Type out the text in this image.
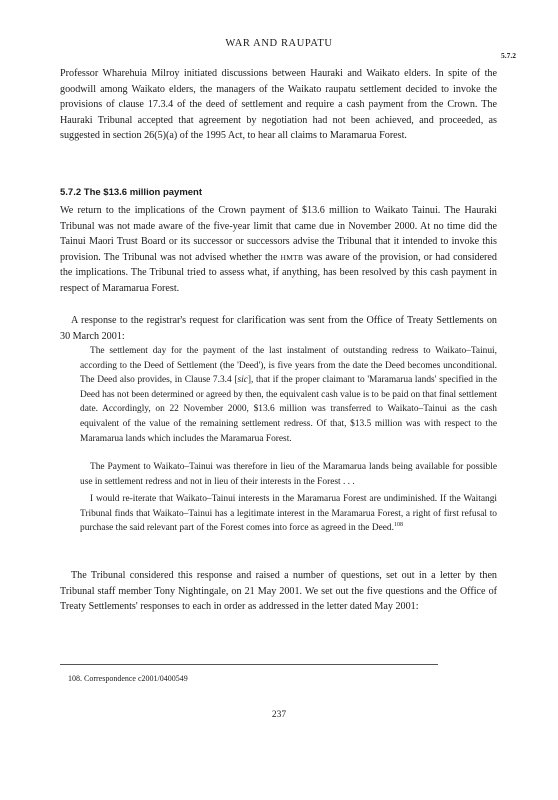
WAR AND RAUPATU
5.7.2

Professor Wharehuia Milroy initiated discussions between Hauraki and Waikato elders. In spite of the goodwill among Waikato elders, the managers of the Waikato raupatu settlement decided to invoke the provisions of clause 17.3.4 of the deed of settlement and require a cash payment from the Crown. The Hauraki Tribunal accepted that agreement by negotiation had not been achieved, and proceeded, as suggested in section 26(5)(a) of the 1995 Act, to hear all claims to Maramarua Forest.

5.7.2 The $13.6 million payment

We return to the implications of the Crown payment of $13.6 million to Waikato Tainui. The Hauraki Tribunal was not made aware of the five-year limit that came due in November 2000. At no time did the Tainui Maori Trust Board or its successor or successors advise the Tribunal that it intended to invoke this provision. The Tribunal was not advised whether the HMTB was aware of the provision, or had considered the implications. The Tribunal tried to assess what, if anything, has been resolved by this cash payment in respect of Maramarua Forest.

A response to the registrar's request for clarification was sent from the Office of Treaty Settlements on 30 March 2001:

The settlement day for the payment of the last instalment of outstanding redress to Waikato–Tainui, according to the Deed of Settlement (the 'Deed'), is five years from the date the Deed becomes unconditional. The Deed also provides, in Clause 7.3.4 [sic], that if the proper claimant to 'Maramarua lands' specified in the Deed has not been determined or agreed by then, the equivalent cash value is to be paid on that final settlement date. Accordingly, on 22 November 2000, $13.6 million was transferred to Waikato–Tainui as the cash equivalent of the value of the remaining settlement redress. Of that, $13.5 million was with respect to the Maramarua lands which includes the Maramarua Forest.

The Payment to Waikato–Tainui was therefore in lieu of the Maramarua lands being available for possible use in settlement redress and not in lieu of their interests in the Forest . . .

I would re-iterate that Waikato–Tainui interests in the Maramarua Forest are undiminished. If the Waitangi Tribunal finds that Waikato–Tainui has a legitimate interest in the Maramarua Forest, a right of first refusal to purchase the said relevant part of the Forest comes into force as agreed in the Deed.$^{108}$

The Tribunal considered this response and raised a number of questions, set out in a letter by then Tribunal staff member Tony Nightingale, on 21 May 2001. We set out the five questions and the Office of Treaty Settlements' responses to each in order as addressed in the letter dated May 2001:

108. Correspondence c2001/0400549
237
